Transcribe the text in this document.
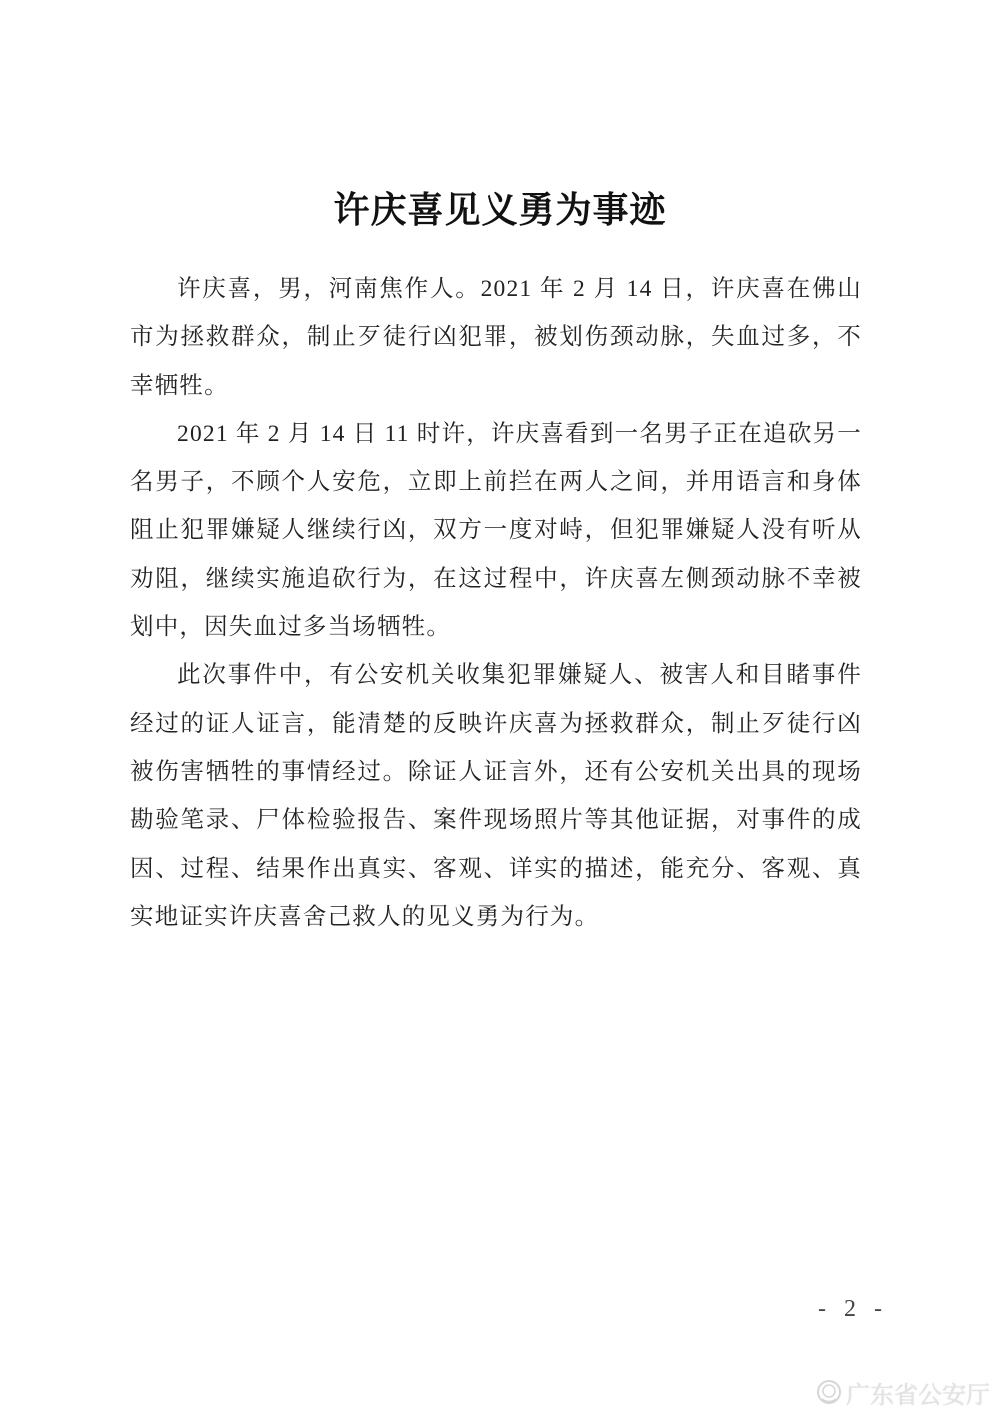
许庆喜见义勇为事迹

许庆喜，男，河南焦作人。2021 年 2 月 14 日，许庆喜在佛山市为拯救群众，制止歹徒行凶犯罪，被划伤颈动脉，失血过多，不幸牺牲。

2021 年 2 月 14 日 11 时许，许庆喜看到一名男子正在追砍另一名男子，不顾个人安危，立即上前拦在两人之间，并用语言和身体阻止犯罪嫌疑人继续行凶，双方一度对峙，但犯罪嫌疑人没有听从劝阻，继续实施追砍行为，在这过程中，许庆喜左侧颈动脉不幸被划中，因失血过多当场牺牲。

此次事件中，有公安机关收集犯罪嫌疑人、被害人和目睹事件经过的证人证言，能清楚的反映许庆喜为拯救群众，制止歹徒行凶被伤害牺牲的事情经过。除证人证言外，还有公安机关出具的现场勘验笔录、尸体检验报告、案件现场照片等其他证据，对事件的成因、过程、结果作出真实、客观、详实的描述，能充分、客观、真实地证实许庆喜舍己救人的见义勇为行为。

- 2 -
广东省公安厅
